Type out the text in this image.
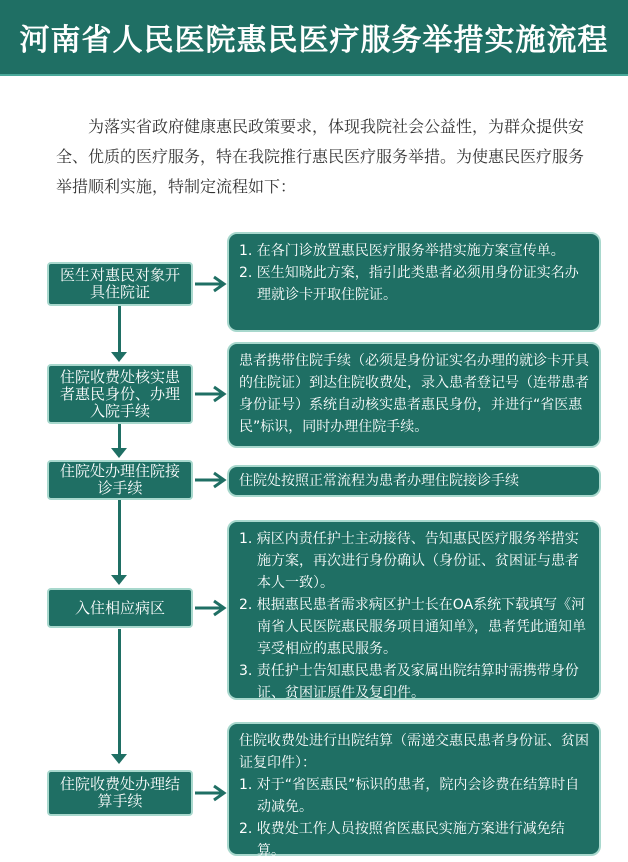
河南省人民医院惠民医疗服务举措实施流程

为落实省政府健康惠民政策要求，体现我院社会公益性，为群众提供安全、优质的医疗服务，特在我院推行惠民医疗服务举措。为使惠民医疗服务举措顺利实施，特制定流程如下：

医生对惠民对象开具住院证
1. 在各门诊放置惠民医疗服务举措实施方案宣传单。
2. 医生知晓此方案，指引此类患者必须用身份证实名办理就诊卡开取住院证。
住院收费处核实患者惠民身份、办理入院手续

患者携带住院手续（必须是身份证实名办理的就诊卡开具的住院证）到达住院收费处，录入患者登记号（连带患者身份证号）系统自动核实患者惠民身份，并进行“省医惠民”标识，同时办理住院手续。

住院处办理住院接诊手续	住院处按照正常流程为患者办理住院接诊手续

入住相应病区
1. 病区内责任护士主动接待、告知惠民医疗服务举措实施方案，再次进行身份确认（身份证、贫困证与患者本人一致）。
2. 根据惠民患者需求病区护士长在OA系统下载填写《河南省人民医院惠民服务项目通知单》，患者凭此通知单享受相应的惠民服务。
3. 责任护士告知惠民患者及家属出院结算时需携带身份证、贫困证原件及复印件。
住院收费处办理结算手续

住院收费处进行出院结算（需递交惠民患者身份证、贫困证复印件）：

1. 对于“省医惠民”标识的患者，院内会诊费在结算时自动减免。
2. 收费处工作人员按照省医惠民实施方案进行减免结算。
